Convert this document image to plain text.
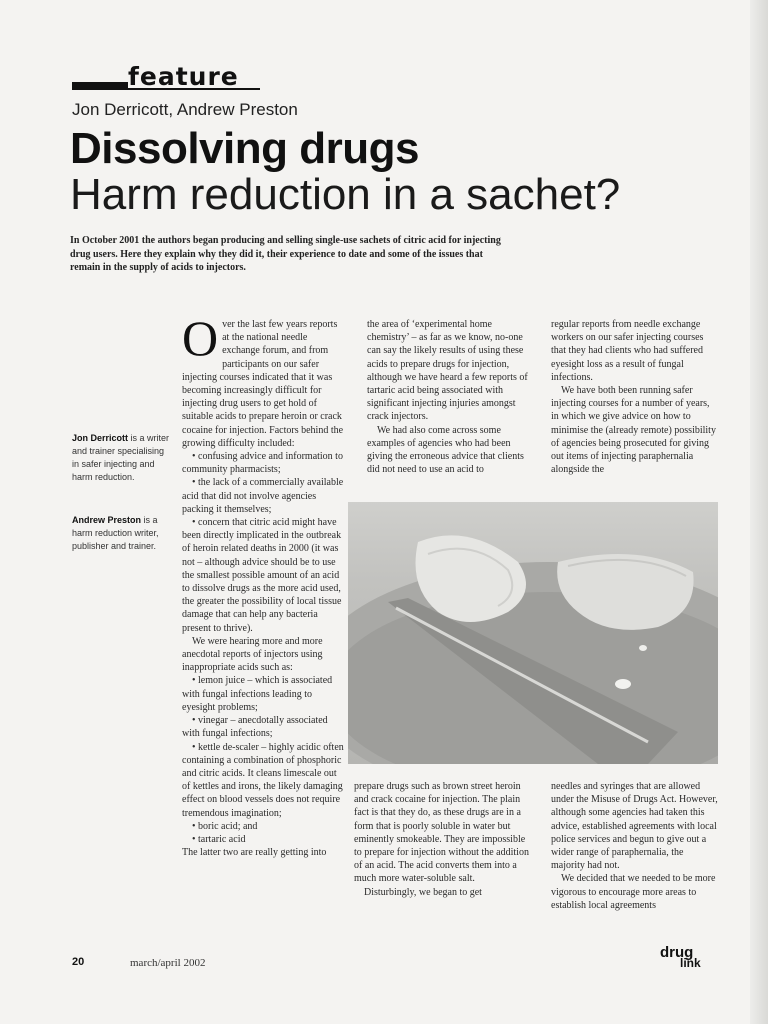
feature
Jon Derricott, Andrew Preston
Dissolving drugs
Harm reduction in a sachet?
In October 2001 the authors began producing and selling single-use sachets of citric acid for injecting drug users. Here they explain why they did it, their experience to date and some of the issues that remain in the supply of acids to injectors.
Jon Derricott is a writer and trainer specialising in safer injecting and harm reduction.
Andrew Preston is a harm reduction writer, publisher and trainer.

Over the last few years reports at the national needle exchange forum, and from participants on our safer injecting courses indicated that it was becoming increasingly difficult for injecting drug users to get hold of suitable acids to prepare heroin or crack cocaine for injection. Factors behind the growing difficulty included:

• confusing advice and information to community pharmacists;

• the lack of a commercially available acid that did not involve agencies packing it themselves;

• concern that citric acid might have been directly implicated in the outbreak of heroin related deaths in 2000 (it was not – although advice should be to use the smallest possible amount of an acid to dissolve drugs as the more acid used, the greater the possibility of local tissue damage that can help any bacteria present to thrive).

We were hearing more and more anecdotal reports of injectors using inappropriate acids such as:

• lemon juice – which is associated with fungal infections leading to eyesight problems;

• vinegar – anecdotally associated with fungal infections;

• kettle de-scaler – highly acidic often containing a combination of phosphoric and citric acids. It cleans limescale out of kettles and irons, the likely damaging effect on blood vessels does not require tremendous imagination;

• boric acid; and

• tartaric acid

The latter two are really getting into

the area of ‘experimental home chemistry’ – as far as we know, no-one can say the likely results of using these acids to prepare drugs for injection, although we have heard a few reports of tartaric acid being associated with significant injecting injuries amongst crack injectors.

We had also come across some examples of agencies who had been giving the erroneous advice that clients did not need to use an acid to

regular reports from needle exchange workers on our safer injecting courses that they had clients who had suffered eyesight loss as a result of fungal infections.

We have both been running safer injecting courses for a number of years, in which we give advice on how to minimise the (already remote) possibility of agencies being prosecuted for giving out items of injecting paraphernalia alongside the

prepare drugs such as brown street heroin and crack cocaine for injection. The plain fact is that they do, as these drugs are in a form that is poorly soluble in water but eminently smokeable. They are impossible to prepare for injection without the addition of an acid. The acid converts them into a much more water-soluble salt.

Disturbingly, we began to get

needles and syringes that are allowed under the Misuse of Drugs Act. However, although some agencies had taken this advice, established agreements with local police services and begun to give out a wider range of paraphernalia, the majority had not.

We decided that we needed to be more vigorous to encourage more areas to establish local agreements

20	march/april 2002
drug
link
